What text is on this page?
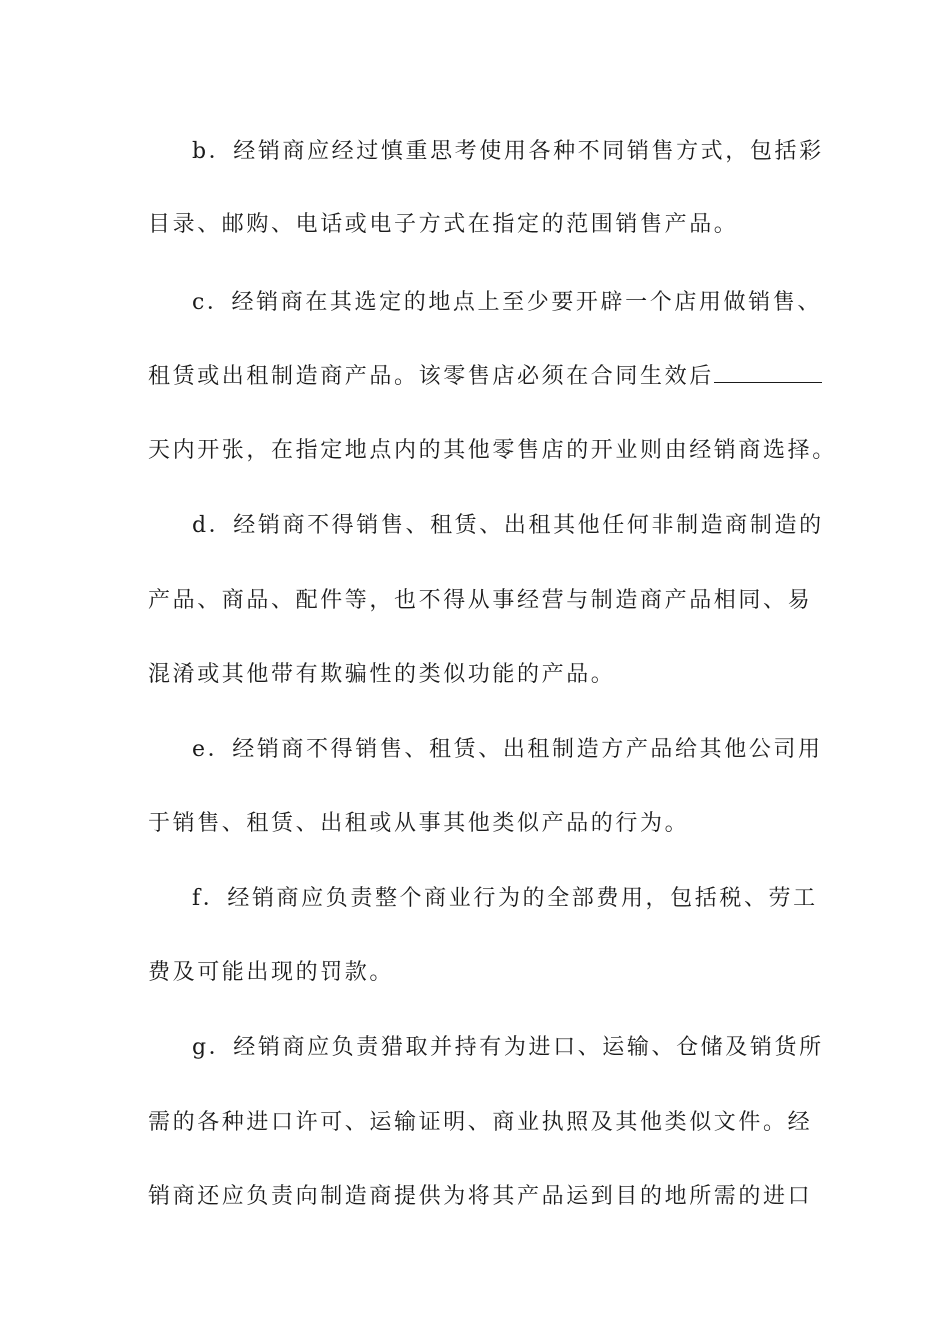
b．经销商应经过慎重思考使用各种不同销售方式，包括彩
目录、邮购、电话或电子方式在指定的范围销售产品。
c．经销商在其选定的地点上至少要开辟一个店用做销售、
租赁或出租制造商产品。该零售店必须在合同生效后
天内开张，在指定地点内的其他零售店的开业则由经销商选择。
d．经销商不得销售、租赁、出租其他任何非制造商制造的
产品、商品、配件等，也不得从事经营与制造商产品相同、易
混淆或其他带有欺骗性的类似功能的产品。
e．经销商不得销售、租赁、出租制造方产品给其他公司用
于销售、租赁、出租或从事其他类似产品的行为。
f．经销商应负责整个商业行为的全部费用，包括税、劳工
费及可能出现的罚款。
g．经销商应负责猎取并持有为进口、运输、仓储及销货所
需的各种进口许可、运输证明、商业执照及其他类似文件。经
销商还应负责向制造商提供为将其产品运到目的地所需的进口
